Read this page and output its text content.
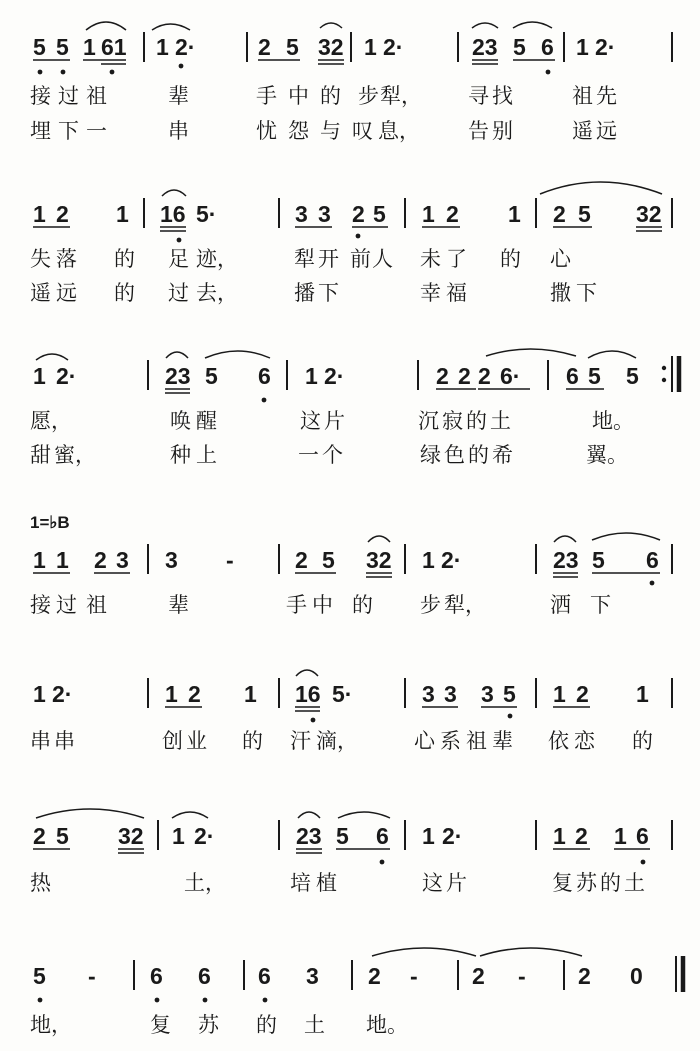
5 5 1 61 1 2·	2 5 32 1 2·	23 5 6 1 2·
接 过 祖	辈	手 中 的 步 犁， 寻 找	祖 先
埋 下 一	串	忧 怨 与 叹 息， 告 别	遥 远
1 2 1 16 5·	3 3 2 5 1 2 1 2 5 32
失 落 的 足 迹，	犁 开 前 人 未 了 的 心
遥 远 的 过 去，	播 下	幸 福	撒 下
1 2·	23 5 6 1 2·	2 2 2 6· 6 5 5
愿，	唤 醒	这 片	沉 寂 的 土	地。
甜 蜜，	种 上	一 个	绿 色 的 希	翼。
1=♭B
1 1 2 3 3 -	2 5 32 1 2·	23 5 6
接 过 祖	辈	手 中 的 步 犁，	洒 下
1 2·	1 2 1 16 5·	3 3 3 5 1 2 1
串 串	创 业 的 汗 滴，	心 系 祖 辈 依 恋 的
2 5 32 1 2·	23 5 6 1 2·	1 2 1 6
热	土，	培 植	这 片	复 苏 的 土
5 - 6 6 6 3 2 - 2 - 2 0
地，	复 苏 的 土 地。
